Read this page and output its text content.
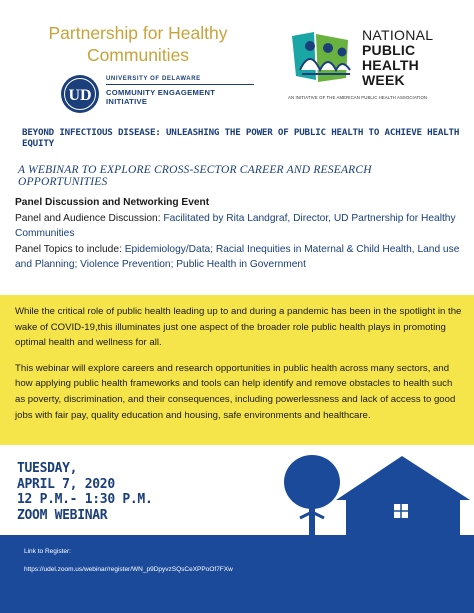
Partnership for Healthy Communities
UD
UNIVERSITY OF DELAWARE
COMMUNITY ENGAGEMENT
INITIATIVE
NATIONAL
PUBLIC
HEALTH
WEEK
AN INITIATIVE OF THE AMERICAN PUBLIC HEALTH ASSOCIATION
BEYOND INFECTIOUS DISEASE: UNLEASHING THE POWER OF PUBLIC HEALTH TO ACHIEVE HEALTH EQUITY
A WEBINAR TO EXPLORE CROSS-SECTOR CAREER AND RESEARCH OPPORTUNITIES
Panel Discussion and Networking Event
Panel and Audience Discussion: Facilitated by Rita Landgraf, Director, UD Partnership for Healthy Communities
Panel Topics to include: Epidemiology/Data; Racial Inequities in Maternal & Child Health, Land use and Planning; Violence Prevention; Public Health in Government

While the critical role of public health leading up to and during a pandemic has been in the spotlight in the wake of COVID-19,this illuminates just one aspect of the broader role public health plays in promoting optimal health and wellness for all.

This webinar will explore careers and research opportunities in public health across many sectors, and how applying public health frameworks and tools can help identify and remove obstacles to health such as poverty, discrimination, and their consequences, including powerlessness and lack of access to good jobs with fair pay, quality education and housing, safe environments and healthcare.

TUESDAY,
APRIL 7, 2020
12 P.M.- 1:30 P.M.
ZOOM WEBINAR
Link to Register:
https://udel.zoom.us/webinar/register/WN_p9DpyvzSQsCeXPPoOf7FXw
